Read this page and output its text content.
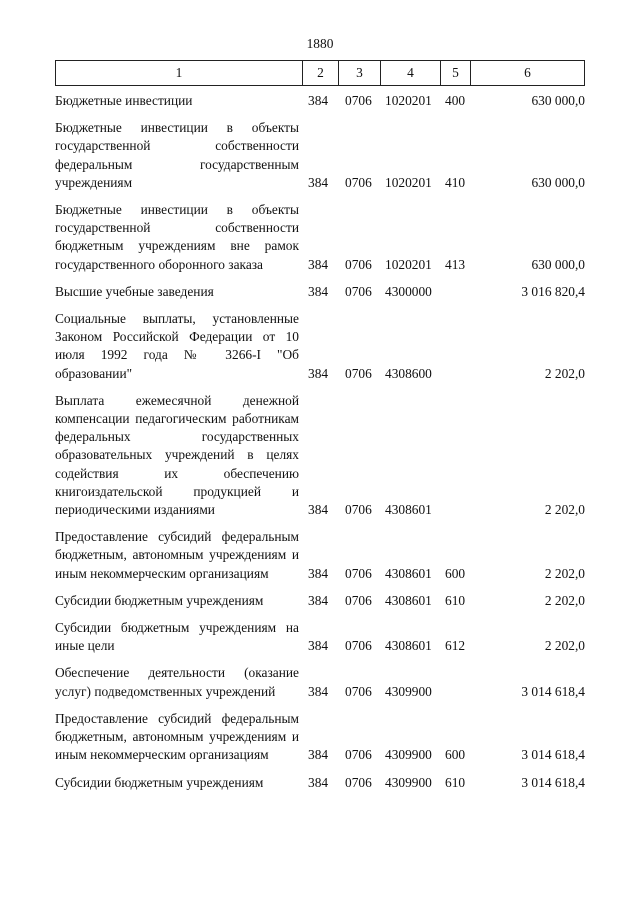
1880
1	2	3	4	5	6
Бюджетные инвестиции	384 0706 1020201 400	630 000,0
Бюджетные инвестиции в объекты государственной собственности федеральным государственным учреждениям	384 0706 1020201 410	630 000,0
Бюджетные инвестиции в объекты государственной собственности бюджетным учреждениям вне рамок государственного оборонного заказа	384 0706 1020201 413	630 000,0
Высшие учебные заведения	384 0706 4300000	3 016 820,4
Социальные выплаты, установленные Законом Российской Федерации от 10 июля 1992 года № 3266-I "Об образовании"	384 0706 4308600	2 202,0
Выплата ежемесячной денежной компенсации педагогическим работникам федеральных государственных образовательных учреждений в целях содействия их обеспечению книгоиздательской продукцией и периодическими изданиями	384 0706 4308601	2 202,0
Предоставление субсидий федеральным бюджетным, автономным учреждениям и иным некоммерческим организациям	384 0706 4308601 600	2 202,0
Субсидии бюджетным учреждениям	384 0706 4308601 610	2 202,0
Субсидии бюджетным учреждениям на иные цели	384 0706 4308601 612	2 202,0
Обеспечение деятельности (оказание услуг) подведомственных учреждений	384 0706 4309900	3 014 618,4
Предоставление субсидий федеральным бюджетным, автономным учреждениям и иным некоммерческим организациям	384 0706 4309900 600	3 014 618,4
Субсидии бюджетным учреждениям	384 0706 4309900 610	3 014 618,4
